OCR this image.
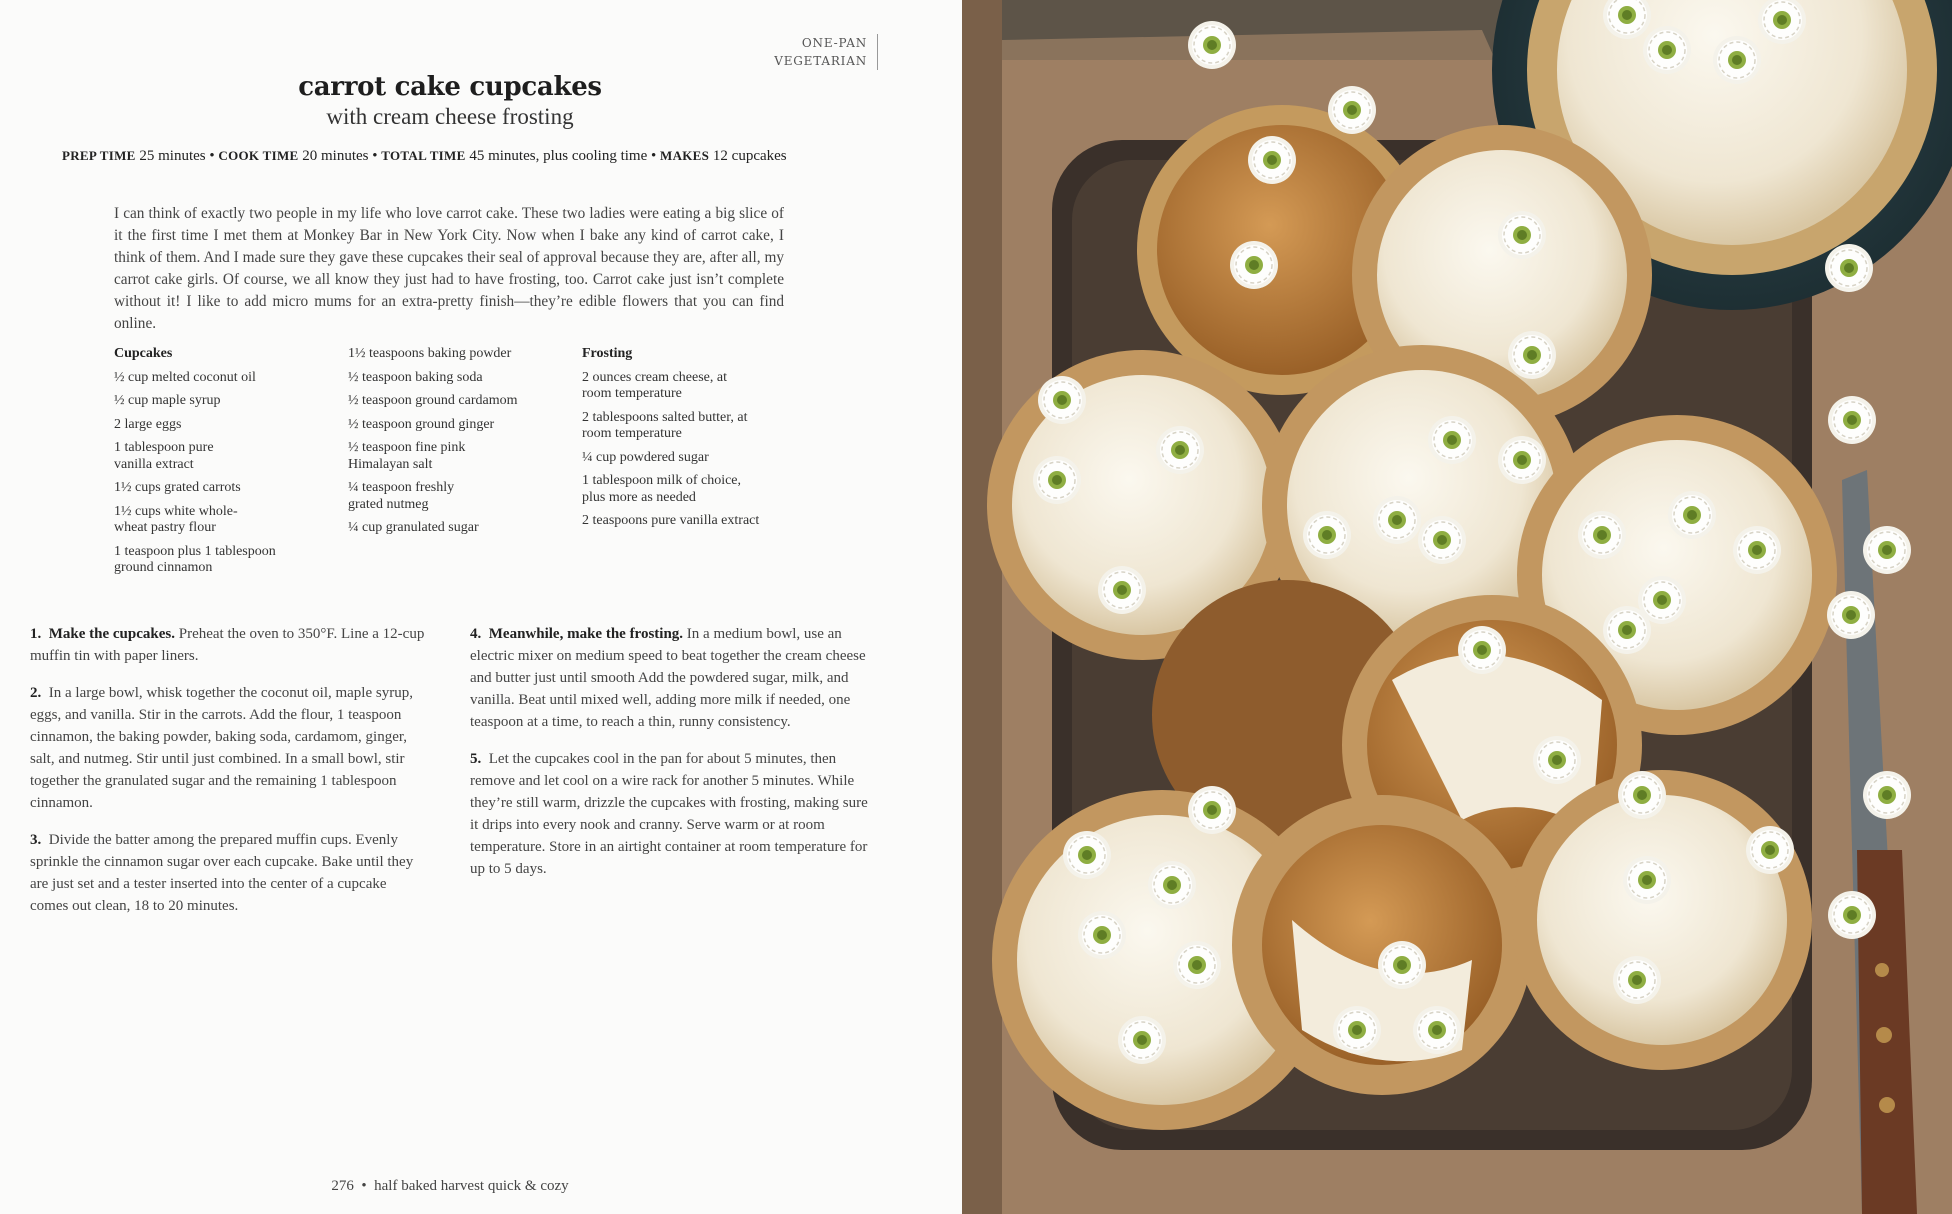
ONE-PAN
VEGETARIAN
carrot cake cupcakes
with cream cheese frosting
PREP TIME 25 minutes • COOK TIME 20 minutes • TOTAL TIME 45 minutes, plus cooling time • MAKES 12 cupcakes

I can think of exactly two people in my life who love carrot cake. These two ladies were eating a big slice of it the first time I met them at Monkey Bar in New York City. Now when I bake any kind of carrot cake, I think of them. And I made sure they gave these cupcakes their seal of approval because they are, after all, my carrot cake girls. Of course, we all know they just had to have frosting, too. Carrot cake just isn’t complete without it! I like to add micro mums for an extra-pretty finish—they’re edible flowers that you can find online.

Cupcakes
½ cup melted coconut oil
½ cup maple syrup
2 large eggs
1 tablespoon pure vanilla extract
1½ cups grated carrots
1½ cups white whole-wheat pastry flour
1 teaspoon plus 1 tablespoon ground cinnamon
1½ teaspoons baking powder
½ teaspoon baking soda
½ teaspoon ground cardamom
½ teaspoon ground ginger
½ teaspoon fine pink Himalayan salt
¼ teaspoon freshly grated nutmeg
¼ cup granulated sugar
Frosting
2 ounces cream cheese, at room temperature
2 tablespoons salted butter, at room temperature
¼ cup powdered sugar
1 tablespoon milk of choice, plus more as needed
2 teaspoons pure vanilla extract

1. Make the cupcakes. Preheat the oven to 350°F. Line a 12-cup muffin tin with paper liners.

2. In a large bowl, whisk together the coconut oil, maple syrup, eggs, and vanilla. Stir in the carrots. Add the flour, 1 teaspoon cinnamon, the baking powder, baking soda, cardamom, ginger, salt, and nutmeg. Stir until just combined. In a small bowl, stir together the granulated sugar and the remaining 1 tablespoon cinnamon.

3. Divide the batter among the prepared muffin cups. Evenly sprinkle the cinnamon sugar over each cupcake. Bake until they are just set and a tester inserted into the center of a cupcake comes out clean, 18 to 20 minutes.

4. Meanwhile, make the frosting. In a medium bowl, use an electric mixer on medium speed to beat together the cream cheese and butter just until smooth Add the powdered sugar, milk, and vanilla. Beat until mixed well, adding more milk if needed, one teaspoon at a time, to reach a thin, runny consistency.

5. Let the cupcakes cool in the pan for about 5 minutes, then remove and let cool on a wire rack for another 5 minutes. While they’re still warm, drizzle the cupcakes with frosting, making sure it drips into every nook and cranny. Serve warm or at room temperature. Store in an airtight container at room temperature for up to 5 days.

276 • half baked harvest quick & cozy
